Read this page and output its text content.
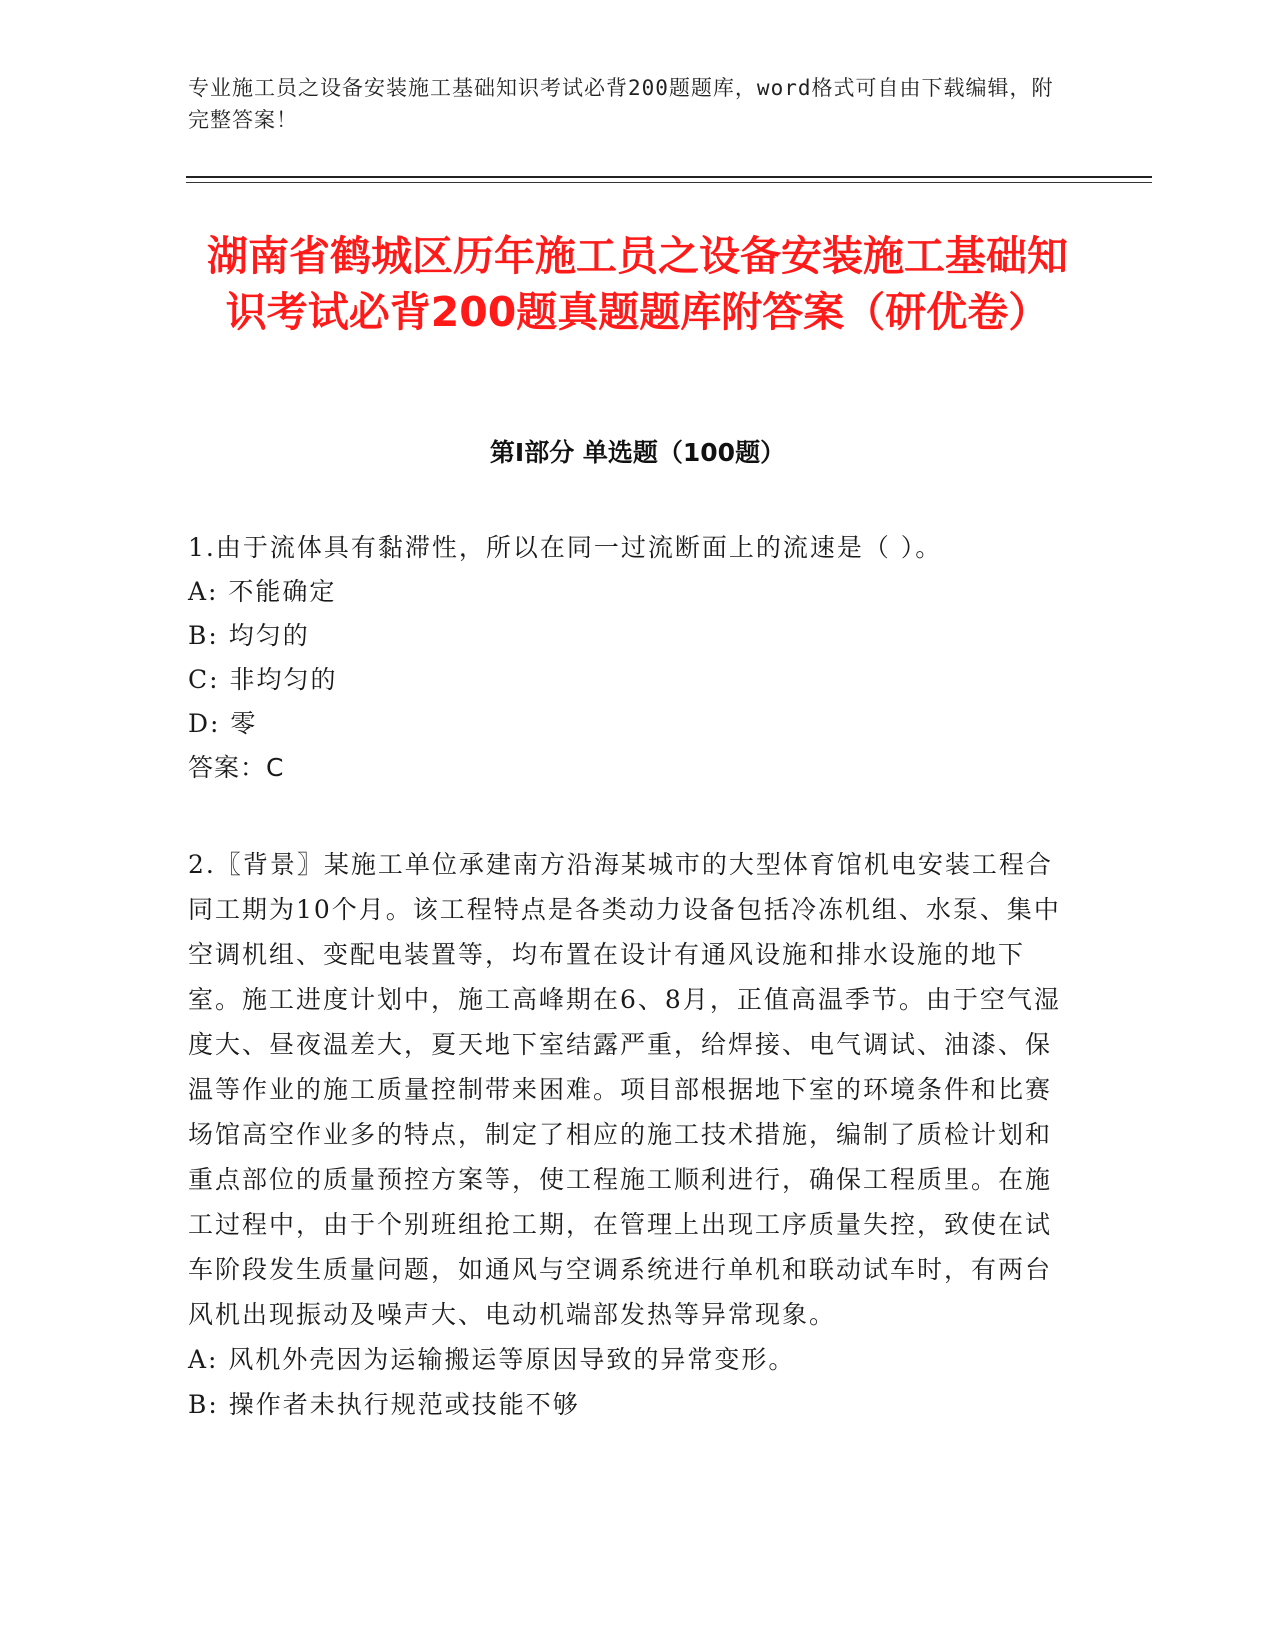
专业施工员之设备安装施工基础知识考试必背200题题库，word格式可自由下载编辑，附完整答案！
湖南省鹤城区历年施工员之设备安装施工基础知识考试必背200题真题题库附答案（研优卷）
第I部分 单选题（100题）
1.由于流体具有黏滞性，所以在同一过流断面上的流速是（ ）。
A: 不能确定
B: 均匀的
C: 非均匀的
D: 零
答案：C
2.〖背景〗某施工单位承建南方沿海某城市的大型体育馆机电安装工程合同工期为10个月。该工程特点是各类动力设备包括冷冻机组、水泵、集中空调机组、变配电装置等，均布置在设计有通风设施和排水设施的地下室。施工进度计划中，施工高峰期在6、8月，正值高温季节。由于空气湿度大、昼夜温差大，夏天地下室结露严重，给焊接、电气调试、油漆、保温等作业的施工质量控制带来困难。项目部根据地下室的环境条件和比赛场馆高空作业多的特点，制定了相应的施工技术措施，编制了质检计划和重点部位的质量预控方案等，使工程施工顺利进行，确保工程质里。在施工过程中，由于个别班组抢工期，在管理上出现工序质量失控，致使在试车阶段发生质量问题，如通风与空调系统进行单机和联动试车时，有两台风机出现振动及噪声大、电动机端部发热等异常现象。
A: 风机外壳因为运输搬运等原因导致的异常变形。
B: 操作者未执行规范或技能不够
